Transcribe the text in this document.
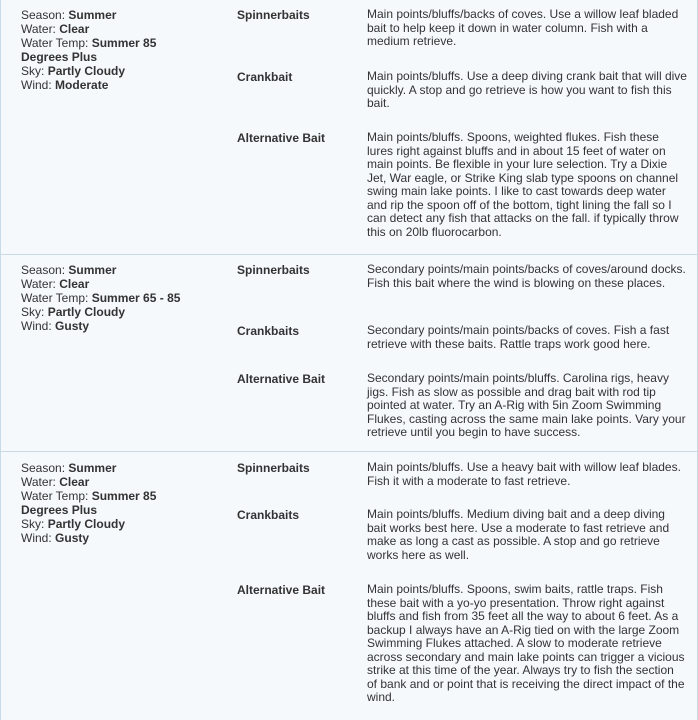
Season: Summer
Water: Clear
Water Temp: Summer 85
Degrees Plus
Sky: Partly Cloudy
Wind: Moderate
Spinnerbaits	Main points/bluffs/backs of coves. Use a willow leaf bladed bait to help keep it down in water column. Fish with a medium retrieve.
Crankbait	Main points/bluffs. Use a deep diving crank bait that will dive quickly. A stop and go retrieve is how you want to fish this bait.
Alternative Bait	Main points/bluffs. Spoons, weighted flukes. Fish these lures right against bluffs and in about 15 feet of water on main points. Be flexible in your lure selection. Try a Dixie Jet, War eagle, or Strike King slab type spoons on channel swing main lake points. I like to cast towards deep water and rip the spoon off of the bottom, tight lining the fall so I can detect any fish that attacks on the fall. if typically throw this on 20lb fluorocarbon.
Season: Summer
Water: Clear
Water Temp: Summer 65 - 85
Sky: Partly Cloudy
Wind: Gusty
Spinnerbaits	Secondary points/main points/backs of coves/around docks. Fish this bait where the wind is blowing on these places.
Crankbaits	Secondary points/main points/backs of coves. Fish a fast retrieve with these baits. Rattle traps work good here.
Alternative Bait	Secondary points/main points/bluffs. Carolina rigs, heavy jigs. Fish as slow as possible and drag bait with rod tip pointed at water. Try an A-Rig with 5in Zoom Swimming Flukes, casting across the same main lake points. Vary your retrieve until you begin to have success.
Season: Summer
Water: Clear
Water Temp: Summer 85
Degrees Plus
Sky: Partly Cloudy
Wind: Gusty
Spinnerbaits	Main points/bluffs. Use a heavy bait with willow leaf blades. Fish it with a moderate to fast retrieve.
Crankbaits	Main points/bluffs. Medium diving bait and a deep diving bait works best here. Use a moderate to fast retrieve and make as long a cast as possible. A stop and go retrieve works here as well.
Alternative Bait	Main points/bluffs. Spoons, swim baits, rattle traps. Fish these bait with a yo-yo presentation. Throw right against bluffs and fish from 35 feet all the way to about 6 feet. As a backup I always have an A-Rig tied on with the large Zoom Swimming Flukes attached. A slow to moderate retrieve across secondary and main lake points can trigger a vicious strike at this time of the year. Always try to fish the section of bank and or point that is receiving the direct impact of the wind.
